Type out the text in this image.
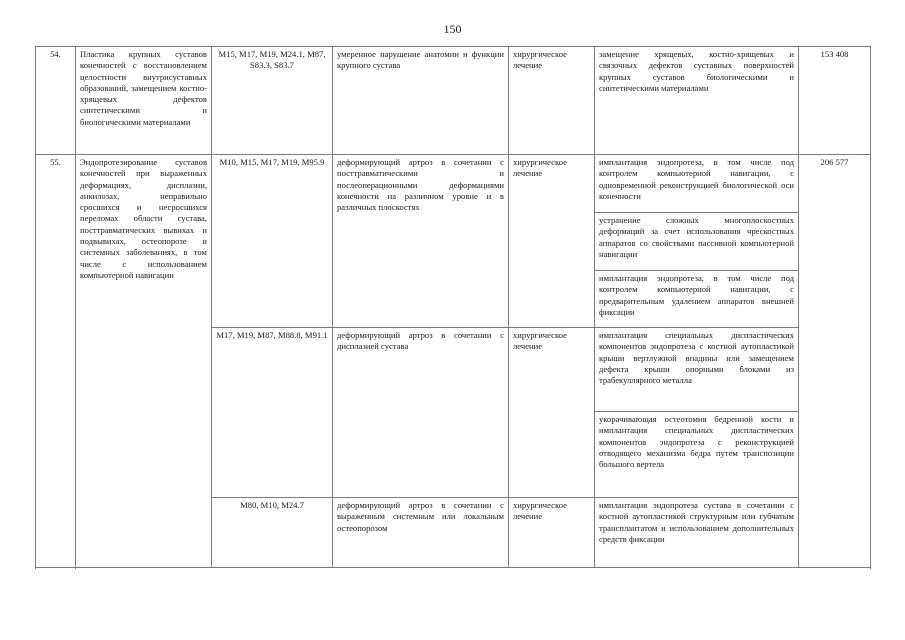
150
54.	Пластика крупных суставов конечностей с восстановлением целостности внутрисуставных образований, замещением костно-хрящевых дефектов синтетическими и биологическими материалами	M15, M17, M19, M24.1, M87, S83.3, S83.7	умеренное нарушение анатомии и функции крупного сустава	хирургическое лечение	замещение хрящевых, костно-хрящевых и связочных дефектов суставных поверхностей крупных суставов биологическими и синтетическими материалами	153 408
55.	Эндопротезирование суставов конечностей при выраженных деформациях, дисплазии, анкилозах, неправильно сросшихся и несросшихся переломах области сустава, посттравматических вывихах и подвывихах, остеопорозе и системных заболеваниях, в том числе с использованием компьютерной навигации	M10, M15, M17, M19, M95.9	деформирующий артроз в сочетании с посттравматическими и послеоперационными деформациями конечности на различном уровне и в различных плоскостях	хирургическое лечение	имплантация эндопротеза, в том числе под контролем компьютерной навигации, с одновременной реконструкцией биологической оси конечности	206 577
					устранение сложных многоплоскостных деформаций за счет использования чрескостных аппаратов со свойствами пассивной компьютерной навигации	
					имплантация эндопротеза, в том числе под контролем компьютерной навигации, с предварительным удалением аппаратов внешней фиксации	
		M17, M19, M87, M88.8, M91.1	деформирующий артроз в сочетании с дисплазией сустава	хирургическое лечение	имплантация специальных диспластических компонентов эндопротеза с костной аутопластикой крыши вертлужной впадины или замещением дефекта крыши опорными блоками из трабекуллярного металла	
					укорачивающая остеотомия бедренной кости и имплантация специальных диспластических компонентов эндопротеза с реконструкцией отводящего механизма бедра путем транспозиции большого вертела	
		M80, M10, M24.7	деформирующий артроз в сочетании с выраженным системным или локальным остеопорозом	хирургическое лечение	имплантация эндопротеза сустава в сочетании с костной аутопластикой структурным или губчатым трансплантатом и использованием дополнительных средств фиксации	
